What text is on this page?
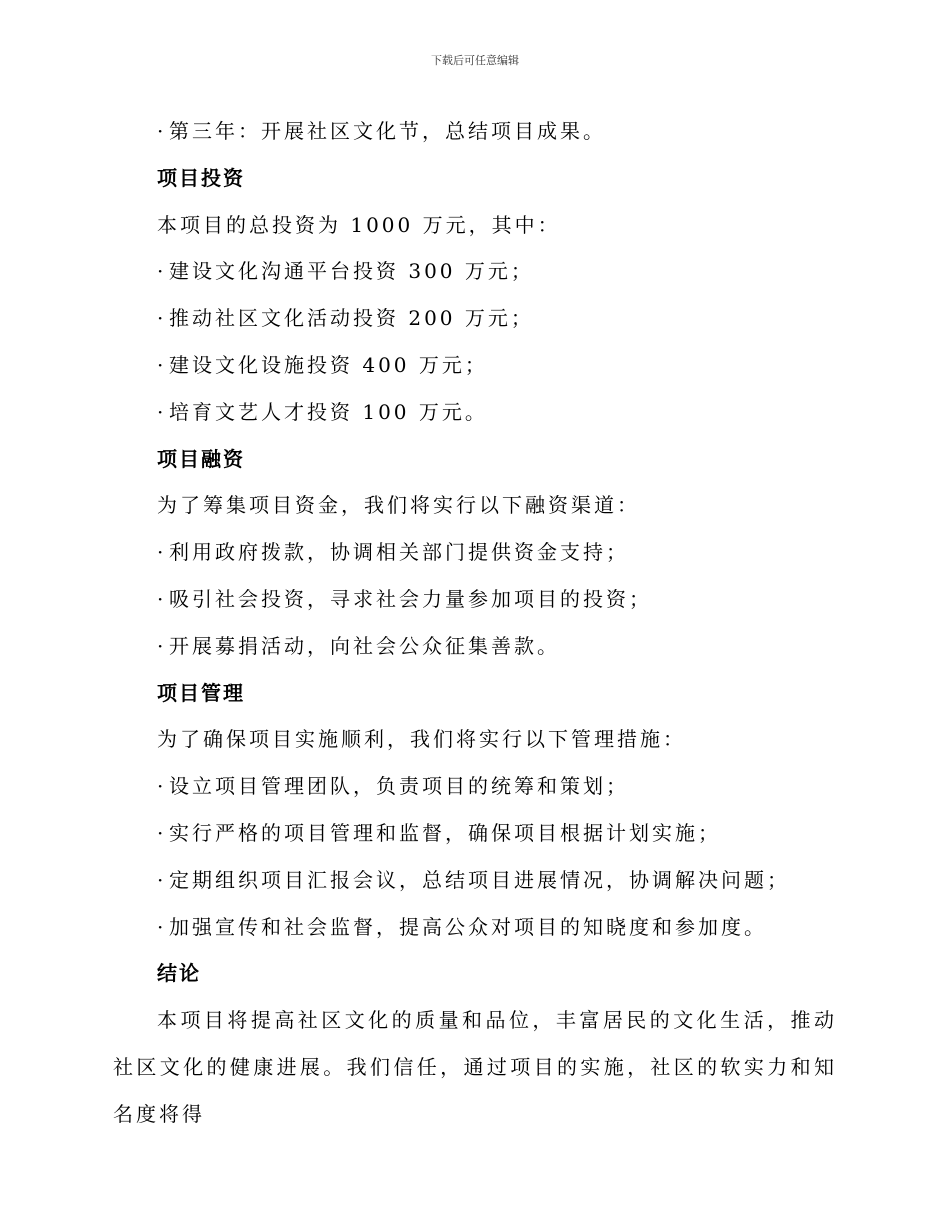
下载后可任意编辑

· 第三年：开展社区文化节，总结项目成果。

项目投资

本项目的总投资为 1000 万元，其中：

· 建设文化沟通平台投资 300 万元；

· 推动社区文化活动投资 200 万元；

· 建设文化设施投资 400 万元；

· 培育文艺人才投资 100 万元。

项目融资

为了筹集项目资金，我们将实行以下融资渠道：

· 利用政府拨款，协调相关部门提供资金支持；

· 吸引社会投资，寻求社会力量参加项目的投资；

· 开展募捐活动，向社会公众征集善款。

项目管理

为了确保项目实施顺利，我们将实行以下管理措施：

· 设立项目管理团队，负责项目的统筹和策划；

· 实行严格的项目管理和监督，确保项目根据计划实施；

· 定期组织项目汇报会议，总结项目进展情况，协调解决问题；

· 加强宣传和社会监督，提高公众对项目的知晓度和参加度。

结论

本项目将提高社区文化的质量和品位，丰富居民的文化生活，推动社区文化的健康进展。我们信任，通过项目的实施，社区的软实力和知名度将得
